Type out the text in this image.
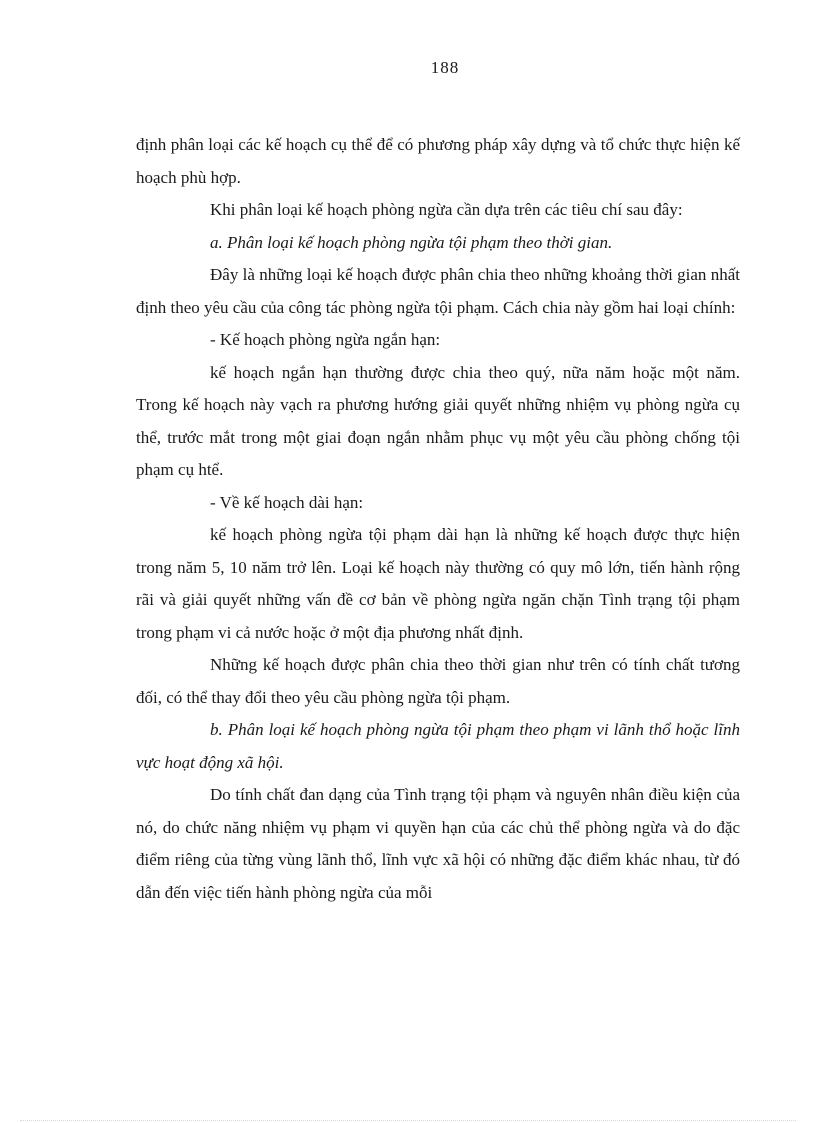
188

định phân loại các kế hoạch cụ thể để có phương pháp xây dựng và tổ chức thực hiện kế hoạch phù hợp.

Khi phân loại kế hoạch phòng ngừa cần dựa trên các tiêu chí sau đây:

a. Phân loại kế hoạch phòng ngừa tội phạm theo thời gian.

Đây là những loại kế hoạch được phân chia theo những khoảng thời gian nhất định theo yêu cầu của công tác phòng ngừa tội phạm. Cách chia này gồm hai loại chính:

- Kế hoạch phòng ngừa ngắn hạn:

kế hoạch ngắn hạn thường được chia theo quý, nữa năm hoặc một năm. Trong kế hoạch này vạch ra phương hướng giải quyết những nhiệm vụ phòng ngừa cụ thể, trước mắt trong một giai đoạn ngắn nhằm phục vụ một yêu cầu phòng chống tội phạm cụ htể.

- Về kế hoạch dài hạn:

kế hoạch phòng ngừa tội phạm dài hạn là những kế hoạch được thực hiện trong năm 5, 10 năm trở lên. Loại kế hoạch này thường có quy mô lớn, tiến hành rộng rãi và giải quyết những vấn đề cơ bản về phòng ngừa ngăn chặn Tình trạng tội phạm trong phạm vi cả nước hoặc ở một địa phương nhất định.

Những kế hoạch được phân chia theo thời gian như trên có tính chất tương đối, có thể thay đổi theo yêu cầu phòng ngừa tội phạm.

b. Phân loại kế hoạch phòng ngừa tội phạm theo phạm vi lãnh thổ hoặc lĩnh vực hoạt động xã hội.

Do tính chất đan dạng của Tình trạng tội phạm và nguyên nhân điều kiện của nó, do chức năng nhiệm vụ phạm vi quyền hạn của các chủ thể phòng ngừa và do đặc điểm riêng của từng vùng lãnh thổ, lĩnh vực xã hội có những đặc điểm khác nhau, từ đó dẫn đến việc tiến hành phòng ngừa của mỗi
